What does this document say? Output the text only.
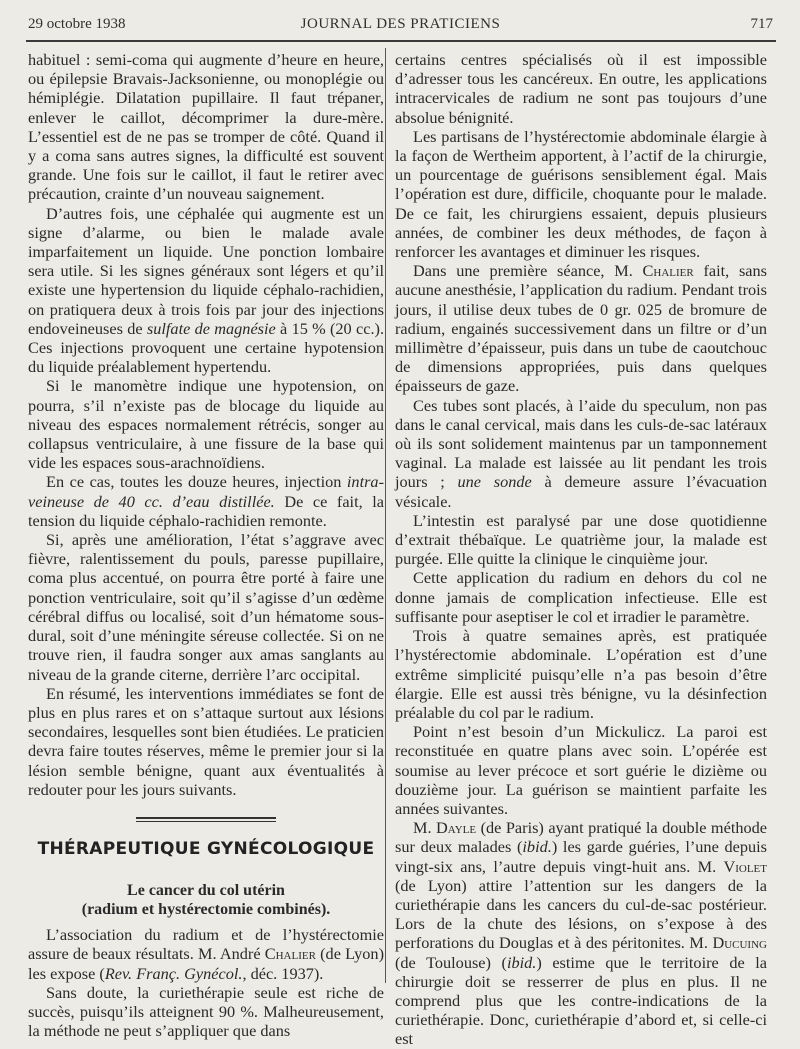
29 octobre 1938	JOURNAL DES PRATICIENS	717

habituel : semi-coma qui augmente d’heure en heure, ou épilepsie Bravais-Jacksonienne, ou monoplégie ou hémiplégie. Dilatation pupillaire. Il faut trépaner, enlever le caillot, décomprimer la dure-mère. L’essentiel est de ne pas se tromper de côté. Quand il y a coma sans autres signes, la difficulté est souvent grande. Une fois sur le caillot, il faut le retirer avec précaution, crainte d’un nouveau saignement.

D’autres fois, une céphalée qui augmente est un signe d’alarme, ou bien le malade avale imparfaitement un liquide. Une ponction lombaire sera utile. Si les signes généraux sont légers et qu’il existe une hypertension du liquide céphalo-rachidien, on pratiquera deux à trois fois par jour des injections endoveineuses de sulfate de magnésie à 15 % (20 cc.). Ces injections provoquent une certaine hypotension du liquide préalablement hypertendu.

Si le manomètre indique une hypotension, on pourra, s’il n’existe pas de blocage du liquide au niveau des espaces normalement rétrécis, songer au collapsus ventriculaire, à une fissure de la base qui vide les espaces sous-arachnoïdiens.

En ce cas, toutes les douze heures, injection intra-veineuse de 40 cc. d’eau distillée. De ce fait, la tension du liquide céphalo-rachidien remonte.

Si, après une amélioration, l’état s’aggrave avec fièvre, ralentissement du pouls, paresse pupillaire, coma plus accentué, on pourra être porté à faire une ponction ventriculaire, soit qu’il s’agisse d’un œdème cérébral diffus ou localisé, soit d’un hématome sous-dural, soit d’une méningite séreuse collectée. Si on ne trouve rien, il faudra songer aux amas sanglants au niveau de la grande citerne, derrière l’arc occipital.

En résumé, les interventions immédiates se font de plus en plus rares et on s’attaque surtout aux lésions secondaires, lesquelles sont bien étudiées. Le praticien devra faire toutes réserves, même le premier jour si la lésion semble bénigne, quant aux éventualités à redouter pour les jours suivants.

THÉRAPEUTIQUE GYNÉCOLOGIQUE
Le cancer du col utérin
(radium et hystérectomie combinés).

L’association du radium et de l’hystérectomie assure de beaux résultats. M. André Chalier (de Lyon) les expose (Rev. Franç. Gynécol., déc. 1937).

Sans doute, la curiethérapie seule est riche de succès, puisqu’ils atteignent 90 %. Malheureusement, la méthode ne peut s’appliquer que dans

certains centres spécialisés où il est impossible d’adresser tous les cancéreux. En outre, les applications intracervicales de radium ne sont pas toujours d’une absolue bénignité.

Les partisans de l’hystérectomie abdominale élargie à la façon de Wertheim apportent, à l’actif de la chirurgie, un pourcentage de guérisons sensiblement égal. Mais l’opération est dure, difficile, choquante pour le malade. De ce fait, les chirurgiens essaient, depuis plusieurs années, de combiner les deux méthodes, de façon à renforcer les avantages et diminuer les risques.

Dans une première séance, M. Chalier fait, sans aucune anesthésie, l’application du radium. Pendant trois jours, il utilise deux tubes de 0 gr. 025 de bromure de radium, engainés successivement dans un filtre or d’un millimètre d’épaisseur, puis dans un tube de caoutchouc de dimensions appropriées, puis dans quelques épaisseurs de gaze.

Ces tubes sont placés, à l’aide du speculum, non pas dans le canal cervical, mais dans les culs-de-sac latéraux où ils sont solidement maintenus par un tamponnement vaginal. La malade est laissée au lit pendant les trois jours ; une sonde à demeure assure l’évacuation vésicale.

L’intestin est paralysé par une dose quotidienne d’extrait thébaïque. Le quatrième jour, la malade est purgée. Elle quitte la clinique le cinquième jour.

Cette application du radium en dehors du col ne donne jamais de complication infectieuse. Elle est suffisante pour aseptiser le col et irradier le paramètre.

Trois à quatre semaines après, est pratiquée l’hystérectomie abdominale. L’opération est d’une extrême simplicité puisqu’elle n’a pas besoin d’être élargie. Elle est aussi très bénigne, vu la désinfection préalable du col par le radium.

Point n’est besoin d’un Mickulicz. La paroi est reconstituée en quatre plans avec soin. L’opérée est soumise au lever précoce et sort guérie le dizième ou douzième jour. La guérison se maintient parfaite les années suivantes.

M. Dayle (de Paris) ayant pratiqué la double méthode sur deux malades (ibid.) les garde guéries, l’une depuis vingt-six ans, l’autre depuis vingt-huit ans. M. Violet (de Lyon) attire l’attention sur les dangers de la curiethérapie dans les cancers du cul-de-sac postérieur. Lors de la chute des lésions, on s’expose à des perforations du Douglas et à des péritonites. M. Ducuing (de Toulouse) (ibid.) estime que le territoire de la chirurgie doit se resserrer de plus en plus. Il ne comprend plus que les contre-indications de la curiethérapie. Donc, curiethérapie d’abord et, si celle-ci est
